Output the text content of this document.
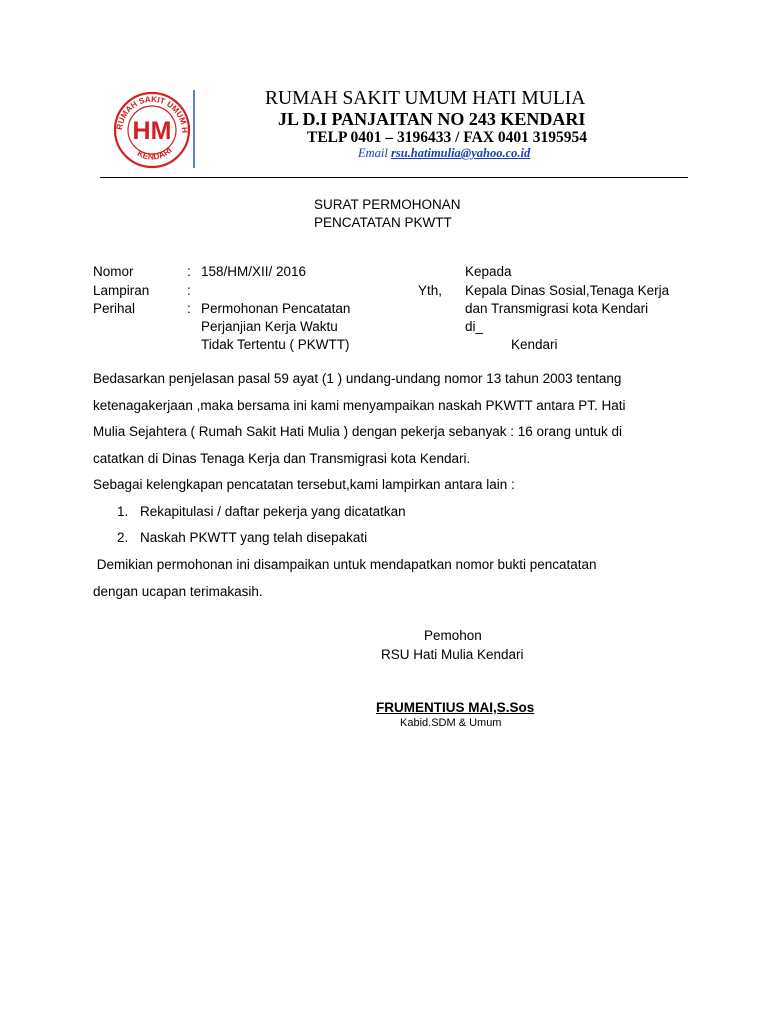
RUMAH SAKIT UMUM H
KENDARI
HM
RUMAH SAKIT UMUM HATI MULIA
JL D.I PANJAITAN NO 243 KENDARI
TELP 0401 – 3196433 / FAX 0401 3195954
Email rsu.hatimulia@yahoo.co.id
SURAT PERMOHONAN
PENCATATAN PKWTT
Nomor	: 158/HM/XII/ 2016
Lampiran	:
Perihal	: Permohonan Pencatatan
Perjanjian Kerja Waktu
Tidak Tertentu ( PKWTT)
Kepada
Yth, Kepala Dinas Sosial,Tenaga Kerja
dan Transmigrasi kota Kendari
di_
Kendari
Bedasarkan penjelasan pasal 59 ayat (1 ) undang-undang nomor 13 tahun 2003 tentang
ketenagakerjaan ,maka bersama ini kami menyampaikan naskah PKWTT antara PT. Hati
Mulia Sejahtera ( Rumah Sakit Hati Mulia ) dengan pekerja sebanyak : 16 orang untuk di
catatkan di Dinas Tenaga Kerja dan Transmigrasi kota Kendari.
Sebagai kelengkapan pencatatan tersebut,kami lampirkan antara lain :
1. Rekapitulasi / daftar pekerja yang dicatatkan
2. Naskah PKWTT yang telah disepakati
Demikian permohonan ini disampaikan untuk mendapatkan nomor bukti pencatatan
dengan ucapan terimakasih.
Pemohon
RSU Hati Mulia Kendari
FRUMENTIUS MAI,S.Sos
Kabid.SDM & Umum
